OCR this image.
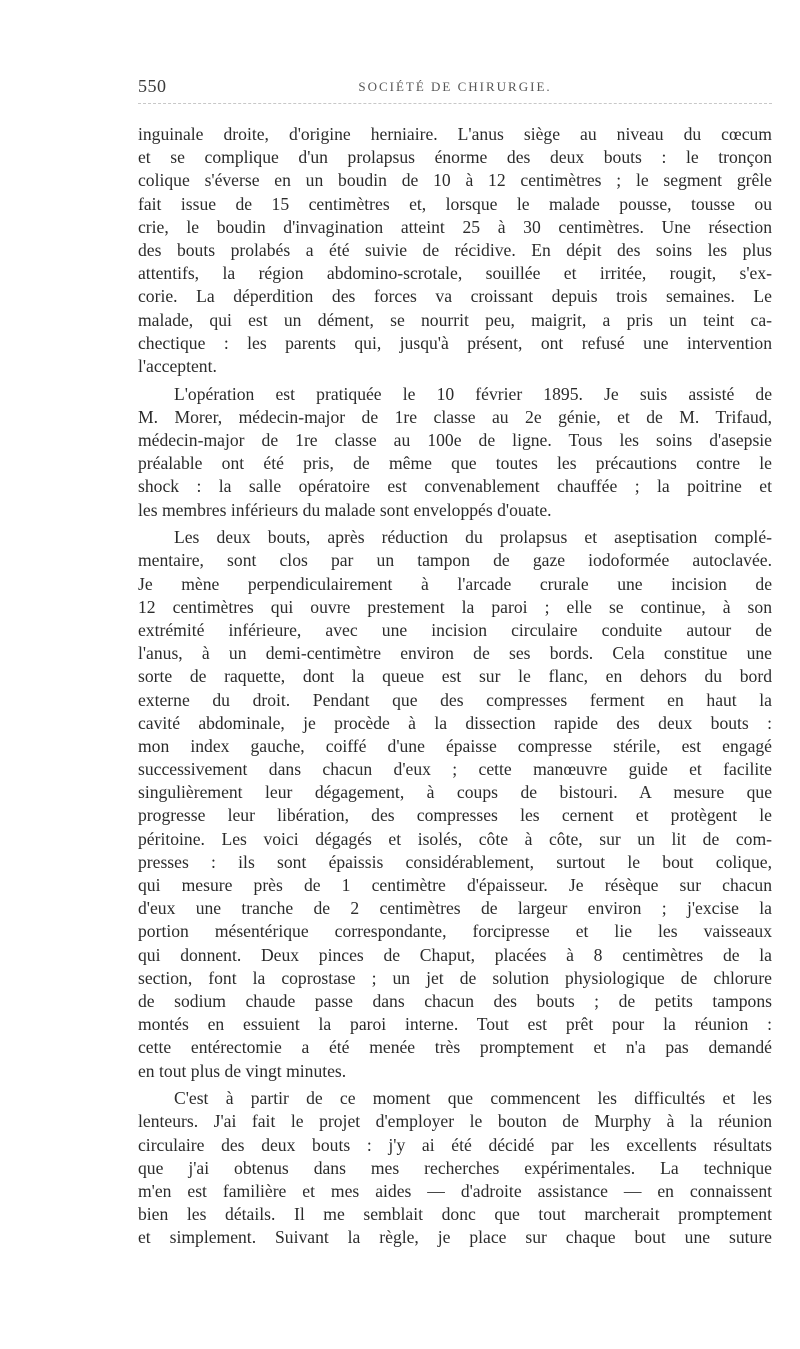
550	SOCIÉTÉ DE CHIRURGIE.
inguinale droite, d'origine herniaire. L'anus siège au niveau du cœcum
et se complique d'un prolapsus énorme des deux bouts : le tronçon
colique s'éverse en un boudin de 10 à 12 centimètres ; le segment grêle
fait issue de 15 centimètres et, lorsque le malade pousse, tousse ou
crie, le boudin d'invagination atteint 25 à 30 centimètres. Une résection
des bouts prolabés a été suivie de récidive. En dépit des soins les plus
attentifs, la région abdomino-scrotale, souillée et irritée, rougit, s'ex-
corie. La déperdition des forces va croissant depuis trois semaines. Le
malade, qui est un dément, se nourrit peu, maigrit, a pris un teint ca-
chectique : les parents qui, jusqu'à présent, ont refusé une intervention
l'acceptent.
L'opération est pratiquée le 10 février 1895. Je suis assisté de
M. Morer, médecin-major de 1re classe au 2e génie, et de M. Trifaud,
médecin-major de 1re classe au 100e de ligne. Tous les soins d'asepsie
préalable ont été pris, de même que toutes les précautions contre le
shock : la salle opératoire est convenablement chauffée ; la poitrine et
les membres inférieurs du malade sont enveloppés d'ouate.
Les deux bouts, après réduction du prolapsus et aseptisation complé-
mentaire, sont clos par un tampon de gaze iodoformée autoclavée.
Je mène perpendiculairement à l'arcade crurale une incision de
12 centimètres qui ouvre prestement la paroi ; elle se continue, à son
extrémité inférieure, avec une incision circulaire conduite autour de
l'anus, à un demi-centimètre environ de ses bords. Cela constitue une
sorte de raquette, dont la queue est sur le flanc, en dehors du bord
externe du droit. Pendant que des compresses ferment en haut la
cavité abdominale, je procède à la dissection rapide des deux bouts :
mon index gauche, coiffé d'une épaisse compresse stérile, est engagé
successivement dans chacun d'eux ; cette manœuvre guide et facilite
singulièrement leur dégagement, à coups de bistouri. A mesure que
progresse leur libération, des compresses les cernent et protègent le
péritoine. Les voici dégagés et isolés, côte à côte, sur un lit de com-
presses : ils sont épaissis considérablement, surtout le bout colique,
qui mesure près de 1 centimètre d'épaisseur. Je résèque sur chacun
d'eux une tranche de 2 centimètres de largeur environ ; j'excise la
portion mésentérique correspondante, forcipresse et lie les vaisseaux
qui donnent. Deux pinces de Chaput, placées à 8 centimètres de la
section, font la coprostase ; un jet de solution physiologique de chlorure
de sodium chaude passe dans chacun des bouts ; de petits tampons
montés en essuient la paroi interne. Tout est prêt pour la réunion :
cette entérectomie a été menée très promptement et n'a pas demandé
en tout plus de vingt minutes.
C'est à partir de ce moment que commencent les difficultés et les
lenteurs. J'ai fait le projet d'employer le bouton de Murphy à la réunion
circulaire des deux bouts : j'y ai été décidé par les excellents résultats
que j'ai obtenus dans mes recherches expérimentales. La technique
m'en est familière et mes aides — d'adroite assistance — en connaissent
bien les détails. Il me semblait donc que tout marcherait promptement
et simplement. Suivant la règle, je place sur chaque bout une suture
